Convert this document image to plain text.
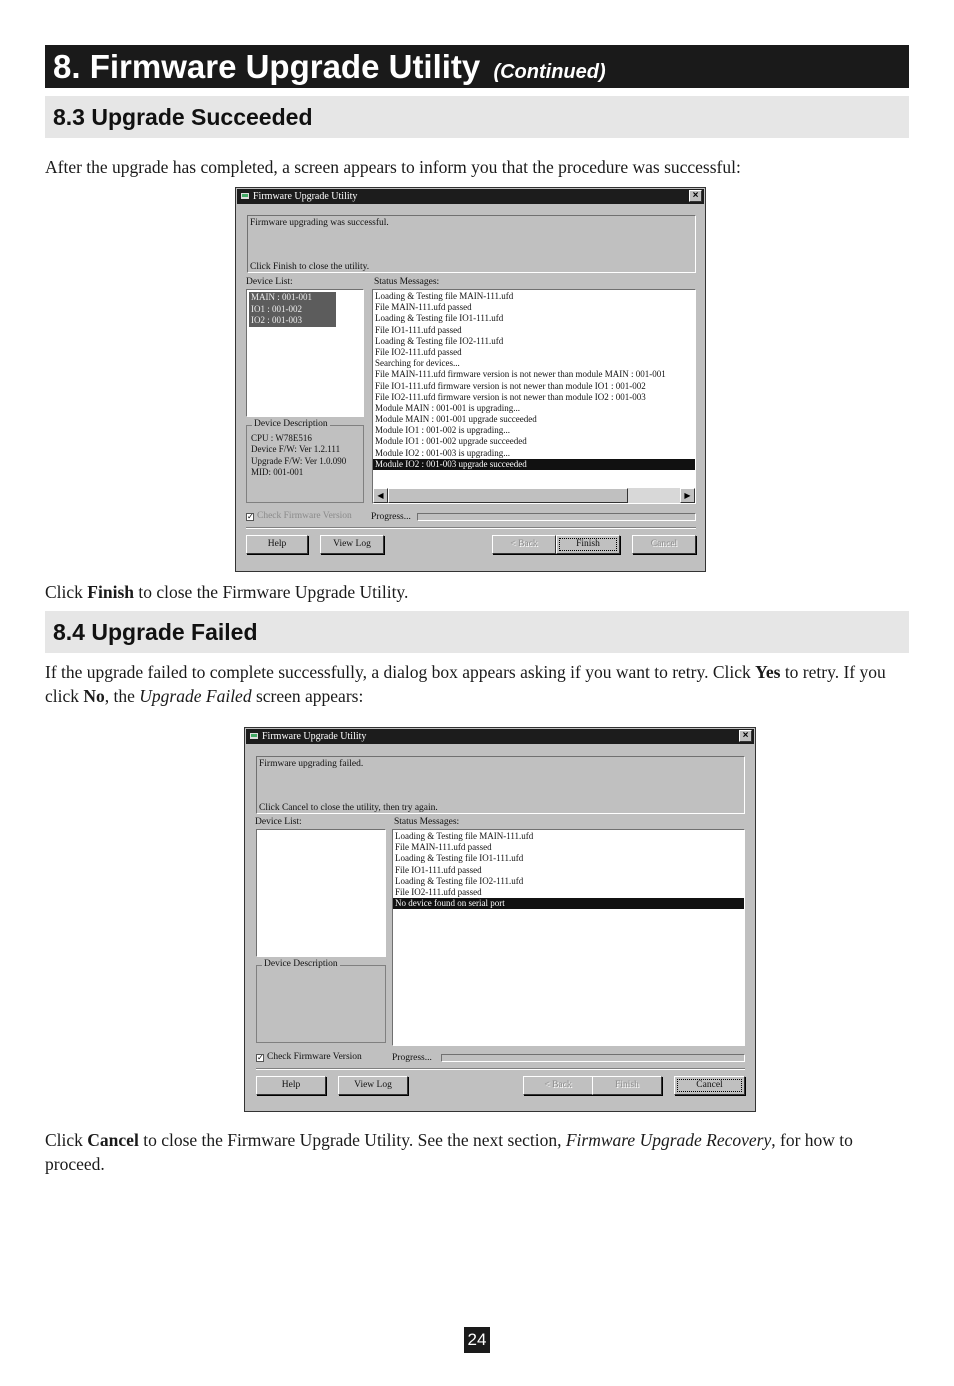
8. Firmware Upgrade Utility (Continued)
8.3 Upgrade Succeeded

After the upgrade has completed, a screen appears to inform you that the procedure was successful:

Firmware Upgrade Utility	×
Firmware upgrading was successful.
Click Finish to close the utility.
Device List:	Status Messages:
MAIN : 001-001
IO1 : 001-002
IO2 : 001-003
Device Description
CPU : W78E516
Device F/W: Ver 1.2.111
Upgrade F/W: Ver 1.0.090
MID: 001-001
Loading & Testing file MAIN-111.ufd
File MAIN-111.ufd passed
Loading & Testing file IO1-111.ufd
File IO1-111.ufd passed
Loading & Testing file IO2-111.ufd
File IO2-111.ufd passed
Searching for devices...
File MAIN-111.ufd firmware version is not newer than module MAIN : 001-001
File IO1-111.ufd firmware version is not newer than module IO1 : 001-002
File IO2-111.ufd firmware version is not newer than module IO2 : 001-003
Module MAIN : 001-001 is upgrading...
Module MAIN : 001-001 upgrade succeeded
Module IO1 : 001-002 is upgrading...
Module IO1 : 001-002 upgrade succeeded
Module IO2 : 001-003 is upgrading...
Module IO2 : 001-003 upgrade succeeded
◀	▶
✓ Check Firmware Version Progress...
Help	View Log	< Back	Finish	Cancel

Click Finish to close the Firmware Upgrade Utility.

8.4 Upgrade Failed

If the upgrade failed to complete successfully, a dialog box appears asking if you want to retry. Click Yes to retry. If you click No, the Upgrade Failed screen appears:

Firmware Upgrade Utility	×
Firmware upgrading failed.
Click Cancel to close the utility, then try again.
Device List:	Status Messages:
Device Description
Loading & Testing file MAIN-111.ufd
File MAIN-111.ufd passed
Loading & Testing file IO1-111.ufd
File IO1-111.ufd passed
Loading & Testing file IO2-111.ufd
File IO2-111.ufd passed
No device found on serial port
✓ Check Firmware Version	Progress...
Help	View Log	< Back	Finish	Cancel

Click Cancel to close the Firmware Upgrade Utility. See the next section, Firmware Upgrade Recovery, for how to proceed.

24
